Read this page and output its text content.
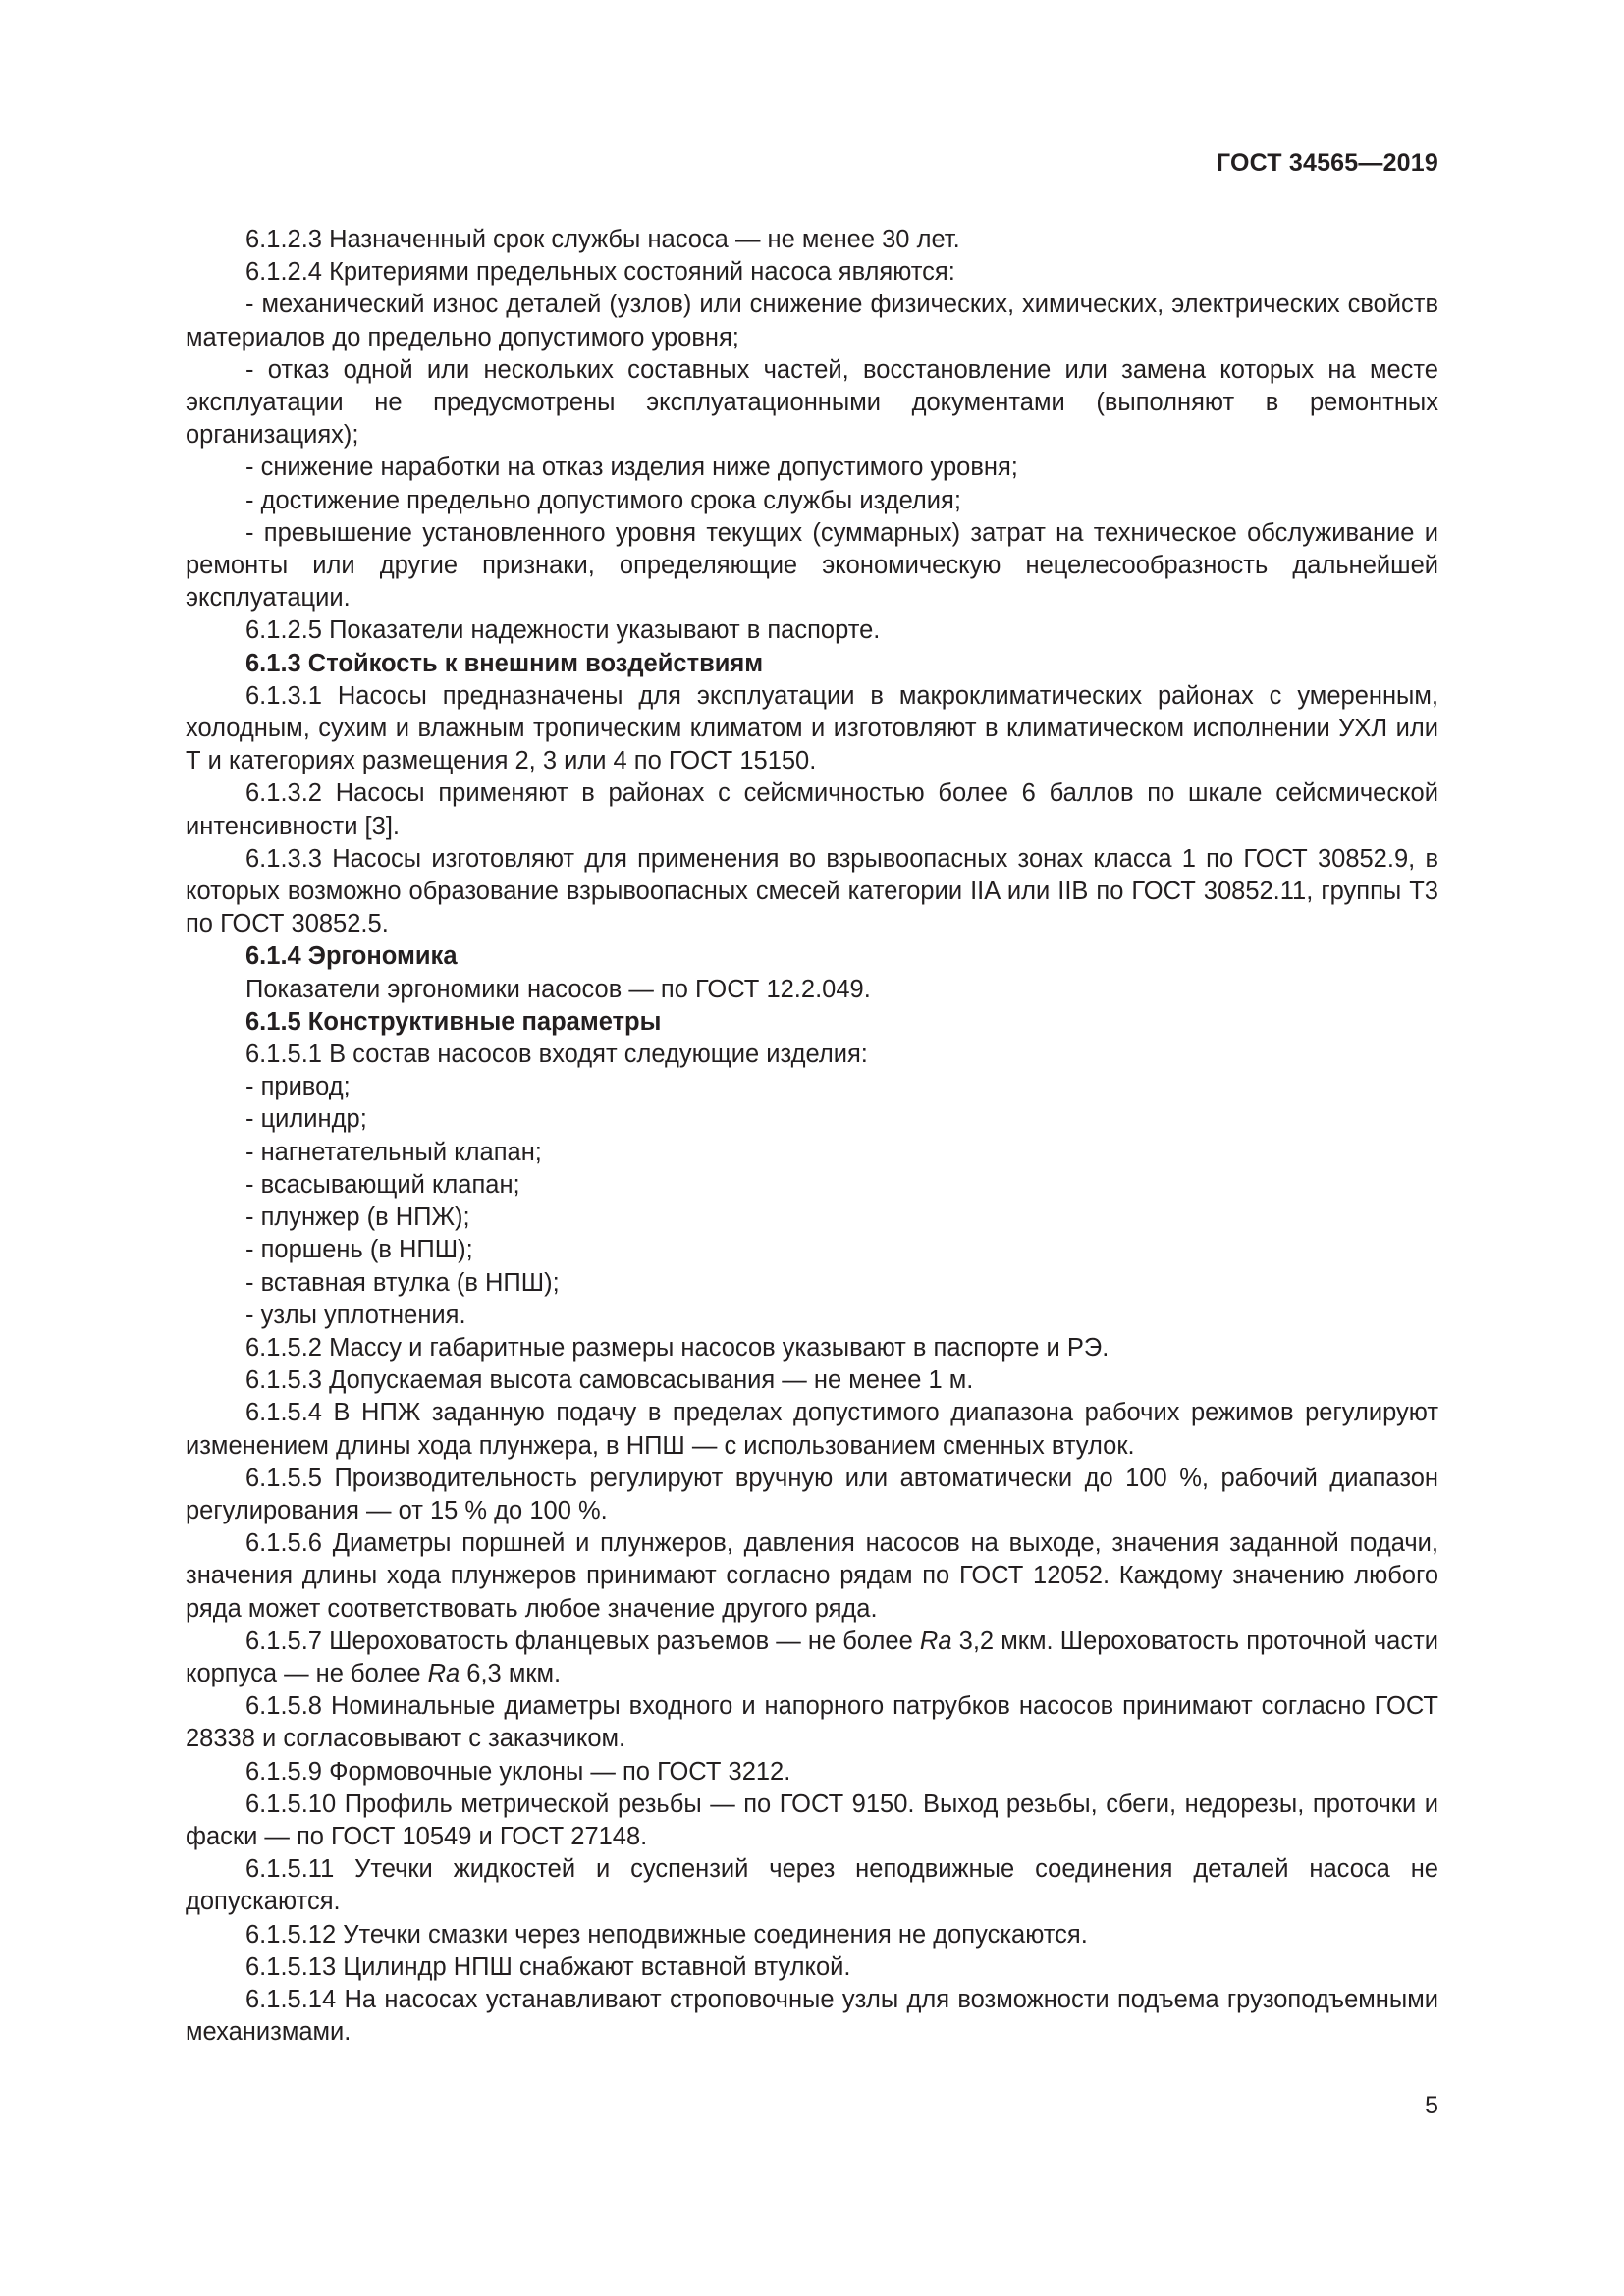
ГОСТ 34565—2019
6.1.2.3 Назначенный срок службы насоса — не менее 30 лет.
6.1.2.4 Критериями предельных состояний насоса являются:
- механический износ деталей (узлов) или снижение физических, химических, электрических свойств материалов до предельно допустимого уровня;
- отказ одной или нескольких составных частей, восстановление или замена которых на месте эксплуатации не предусмотрены эксплуатационными документами (выполняют в ремонтных организациях);
- снижение наработки на отказ изделия ниже допустимого уровня;
- достижение предельно допустимого срока службы изделия;
- превышение установленного уровня текущих (суммарных) затрат на техническое обслуживание и ремонты или другие признаки, определяющие экономическую нецелесообразность дальнейшей эксплуатации.
6.1.2.5 Показатели надежности указывают в паспорте.
6.1.3 Стойкость к внешним воздействиям
6.1.3.1 Насосы предназначены для эксплуатации в макроклиматических районах с умеренным, холодным, сухим и влажным тропическим климатом и изготовляют в климатическом исполнении УХЛ или Т и категориях размещения 2, 3 или 4 по ГОСТ 15150.
6.1.3.2 Насосы применяют в районах с сейсмичностью более 6 баллов по шкале сейсмической интенсивности [3].
6.1.3.3 Насосы изготовляют для применения во взрывоопасных зонах класса 1 по ГОСТ 30852.9, в которых возможно образование взрывоопасных смесей категории IIA или IIB по ГОСТ 30852.11, группы Т3 по ГОСТ 30852.5.
6.1.4 Эргономика
Показатели эргономики насосов — по ГОСТ 12.2.049.
6.1.5 Конструктивные параметры
6.1.5.1 В состав насосов входят следующие изделия:
- привод;
- цилиндр;
- нагнетательный клапан;
- всасывающий клапан;
- плунжер (в НПЖ);
- поршень (в НПШ);
- вставная втулка (в НПШ);
- узлы уплотнения.
6.1.5.2 Массу и габаритные размеры насосов указывают в паспорте и РЭ.
6.1.5.3 Допускаемая высота самовсасывания — не менее 1 м.
6.1.5.4 В НПЖ заданную подачу в пределах допустимого диапазона рабочих режимов регулируют изменением длины хода плунжера, в НПШ — с использованием сменных втулок.
6.1.5.5 Производительность регулируют вручную или автоматически до 100 %, рабочий диапазон регулирования — от 15 % до 100 %.
6.1.5.6 Диаметры поршней и плунжеров, давления насосов на выходе, значения заданной подачи, значения длины хода плунжеров принимают согласно рядам по ГОСТ 12052. Каждому значению любого ряда может соответствовать любое значение другого ряда.
6.1.5.7 Шероховатость фланцевых разъемов — не более Ra 3,2 мкм. Шероховатость проточной части корпуса — не более Ra 6,3 мкм.
6.1.5.8 Номинальные диаметры входного и напорного патрубков насосов принимают согласно ГОСТ 28338 и согласовывают с заказчиком.
6.1.5.9 Формовочные уклоны — по ГОСТ 3212.
6.1.5.10 Профиль метрической резьбы — по ГОСТ 9150. Выход резьбы, сбеги, недорезы, проточки и фаски — по ГОСТ 10549 и ГОСТ 27148.
6.1.5.11 Утечки жидкостей и суспензий через неподвижные соединения деталей насоса не допускаются.
6.1.5.12 Утечки смазки через неподвижные соединения не допускаются.
6.1.5.13 Цилиндр НПШ снабжают вставной втулкой.
6.1.5.14 На насосах устанавливают строповочные узлы для возможности подъема грузоподъемными механизмами.
5
